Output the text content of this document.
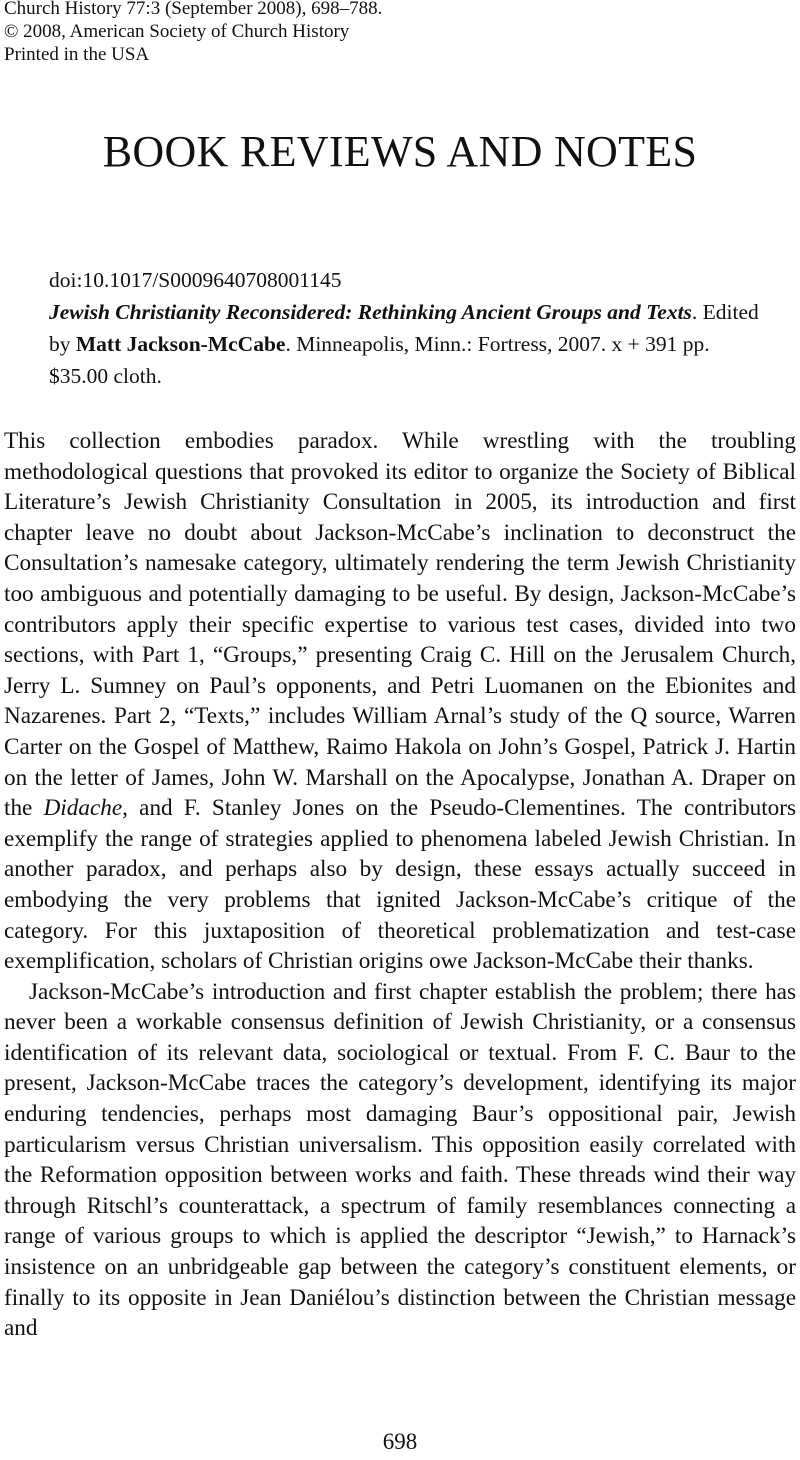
Church History 77:3 (September 2008), 698–788.
© 2008, American Society of Church History
Printed in the USA
BOOK REVIEWS AND NOTES
doi:10.1017/S0009640708001145
Jewish Christianity Reconsidered: Rethinking Ancient Groups and Texts. Edited by Matt Jackson-McCabe. Minneapolis, Minn.: Fortress, 2007. x + 391 pp. $35.00 cloth.

This collection embodies paradox. While wrestling with the troubling methodological questions that provoked its editor to organize the Society of Biblical Literature’s Jewish Christianity Consultation in 2005, its introduction and first chapter leave no doubt about Jackson-McCabe’s inclination to deconstruct the Consultation’s namesake category, ultimately rendering the term Jewish Christianity too ambiguous and potentially damaging to be useful. By design, Jackson-McCabe’s contributors apply their specific expertise to various test cases, divided into two sections, with Part 1, “Groups,” presenting Craig C. Hill on the Jerusalem Church, Jerry L. Sumney on Paul’s opponents, and Petri Luomanen on the Ebionites and Nazarenes. Part 2, “Texts,” includes William Arnal’s study of the Q source, Warren Carter on the Gospel of Matthew, Raimo Hakola on John’s Gospel, Patrick J. Hartin on the letter of James, John W. Marshall on the Apocalypse, Jonathan A. Draper on the Didache, and F. Stanley Jones on the Pseudo-Clementines. The contributors exemplify the range of strategies applied to phenomena labeled Jewish Christian. In another paradox, and perhaps also by design, these essays actually succeed in embodying the very problems that ignited Jackson-McCabe’s critique of the category. For this juxtaposition of theoretical problematization and test-case exemplification, scholars of Christian origins owe Jackson-McCabe their thanks.

Jackson-McCabe’s introduction and first chapter establish the problem; there has never been a workable consensus definition of Jewish Christianity, or a consensus identification of its relevant data, sociological or textual. From F. C. Baur to the present, Jackson-McCabe traces the category’s development, identifying its major enduring tendencies, perhaps most damaging Baur’s oppositional pair, Jewish particularism versus Christian universalism. This opposition easily correlated with the Reformation opposition between works and faith. These threads wind their way through Ritschl’s counterattack, a spectrum of family resemblances connecting a range of various groups to which is applied the descriptor “Jewish,” to Harnack’s insistence on an unbridgeable gap between the category’s constituent elements, or finally to its opposite in Jean Daniélou’s distinction between the Christian message and

698
